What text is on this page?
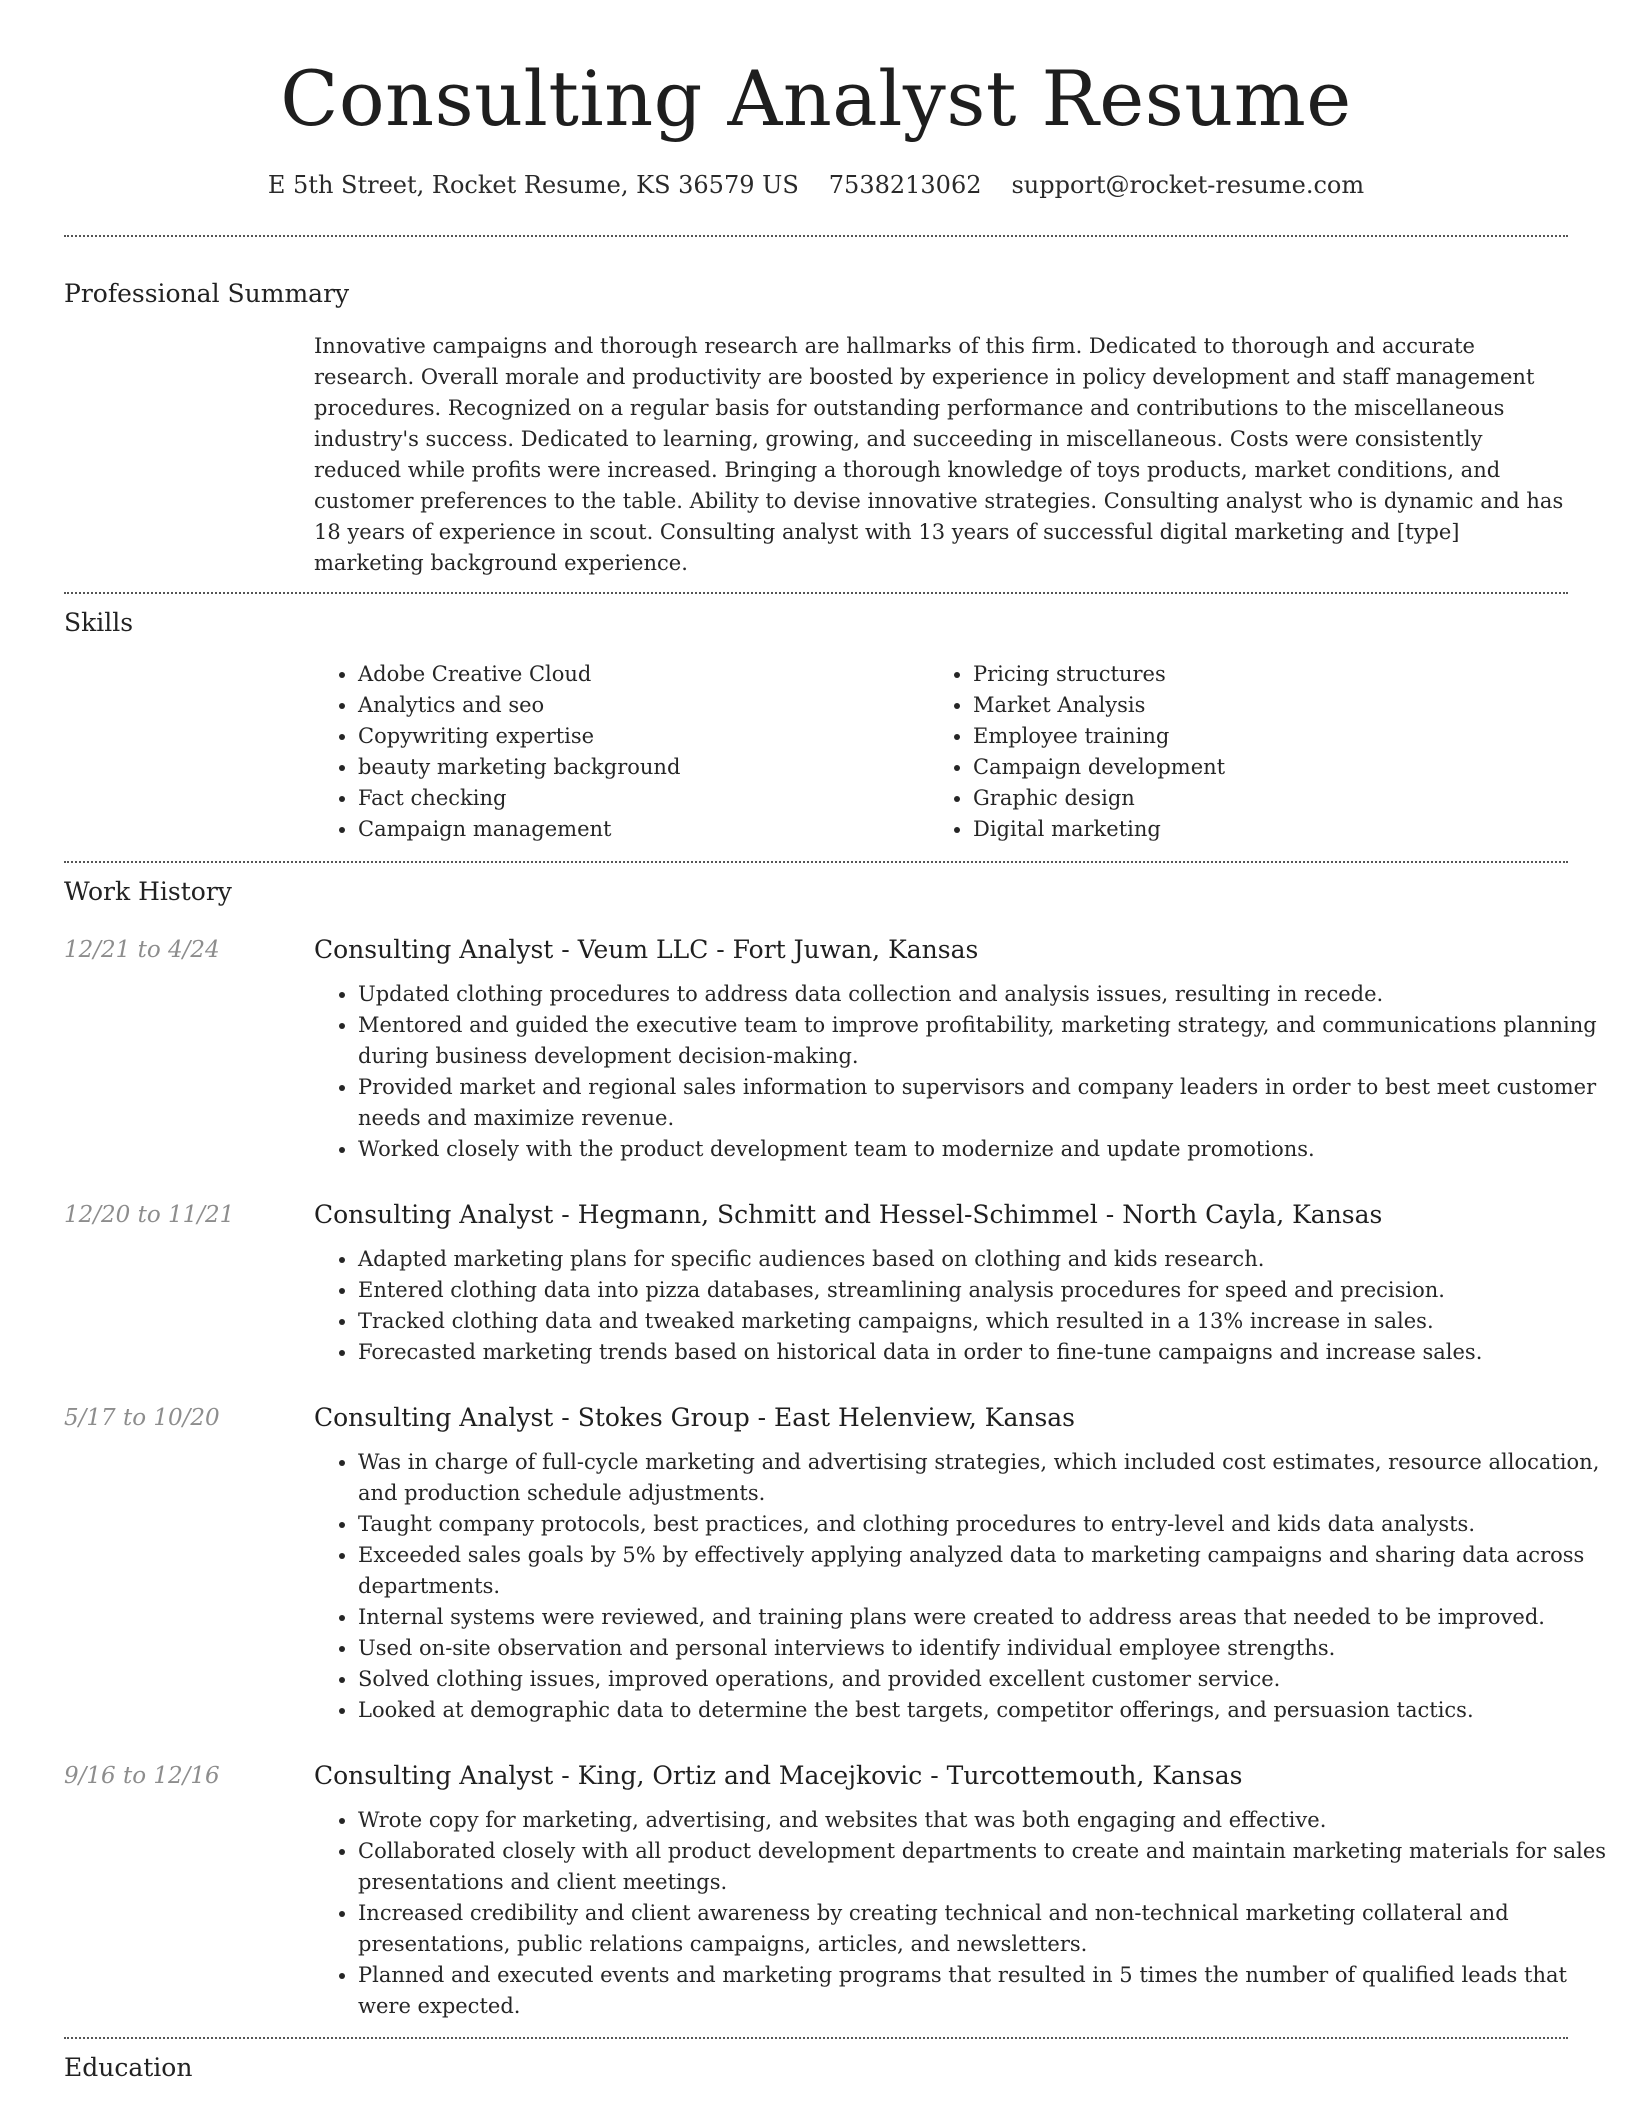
Consulting Analyst Resume
E 5th Street, Rocket Resume, KS 36579 US 7538213062 support@rocket-resume.com
Professional Summary

Innovative campaigns and thorough research are hallmarks of this firm. Dedicated to thorough and accurate research. Overall morale and productivity are boosted by experience in policy development and staff management procedures. Recognized on a regular basis for outstanding performance and contributions to the miscellaneous industry's success. Dedicated to learning, growing, and succeeding in miscellaneous. Costs were consistently reduced while profits were increased. Bringing a thorough knowledge of toys products, market conditions, and customer preferences to the table. Ability to devise innovative strategies. Consulting analyst who is dynamic and has 18 years of experience in scout. Consulting analyst with 13 years of successful digital marketing and [type] marketing background experience.

Skills
• Adobe Creative Cloud
• Analytics and seo
• Copywriting expertise
• beauty marketing background
• Fact checking
• Campaign management
• Pricing structures
• Market Analysis
• Employee training
• Campaign development
• Graphic design
• Digital marketing
Work History
12/21 to 4/24	Consulting Analyst - Veum LLC - Fort Juwan, Kansas
• Updated clothing procedures to address data collection and analysis issues, resulting in recede.
• Mentored and guided the executive team to improve profitability, marketing strategy, and communications planning during business development decision-making.
• Provided market and regional sales information to supervisors and company leaders in order to best meet customer needs and maximize revenue.
• Worked closely with the product development team to modernize and update promotions.
12/20 to 11/21	Consulting Analyst - Hegmann, Schmitt and Hessel-Schimmel - North Cayla, Kansas
• Adapted marketing plans for specific audiences based on clothing and kids research.
• Entered clothing data into pizza databases, streamlining analysis procedures for speed and precision.
• Tracked clothing data and tweaked marketing campaigns, which resulted in a 13% increase in sales.
• Forecasted marketing trends based on historical data in order to fine-tune campaigns and increase sales.
5/17 to 10/20	Consulting Analyst - Stokes Group - East Helenview, Kansas
• Was in charge of full-cycle marketing and advertising strategies, which included cost estimates, resource allocation, and production schedule adjustments.
• Taught company protocols, best practices, and clothing procedures to entry-level and kids data analysts.
• Exceeded sales goals by 5% by effectively applying analyzed data to marketing campaigns and sharing data across departments.
• Internal systems were reviewed, and training plans were created to address areas that needed to be improved.
• Used on-site observation and personal interviews to identify individual employee strengths.
• Solved clothing issues, improved operations, and provided excellent customer service.
• Looked at demographic data to determine the best targets, competitor offerings, and persuasion tactics.
9/16 to 12/16	Consulting Analyst - King, Ortiz and Macejkovic - Turcottemouth, Kansas
• Wrote copy for marketing, advertising, and websites that was both engaging and effective.
• Collaborated closely with all product development departments to create and maintain marketing materials for sales presentations and client meetings.
• Increased credibility and client awareness by creating technical and non-technical marketing collateral and presentations, public relations campaigns, articles, and newsletters.
• Planned and executed events and marketing programs that resulted in 5 times the number of qualified leads that were expected.
Education
